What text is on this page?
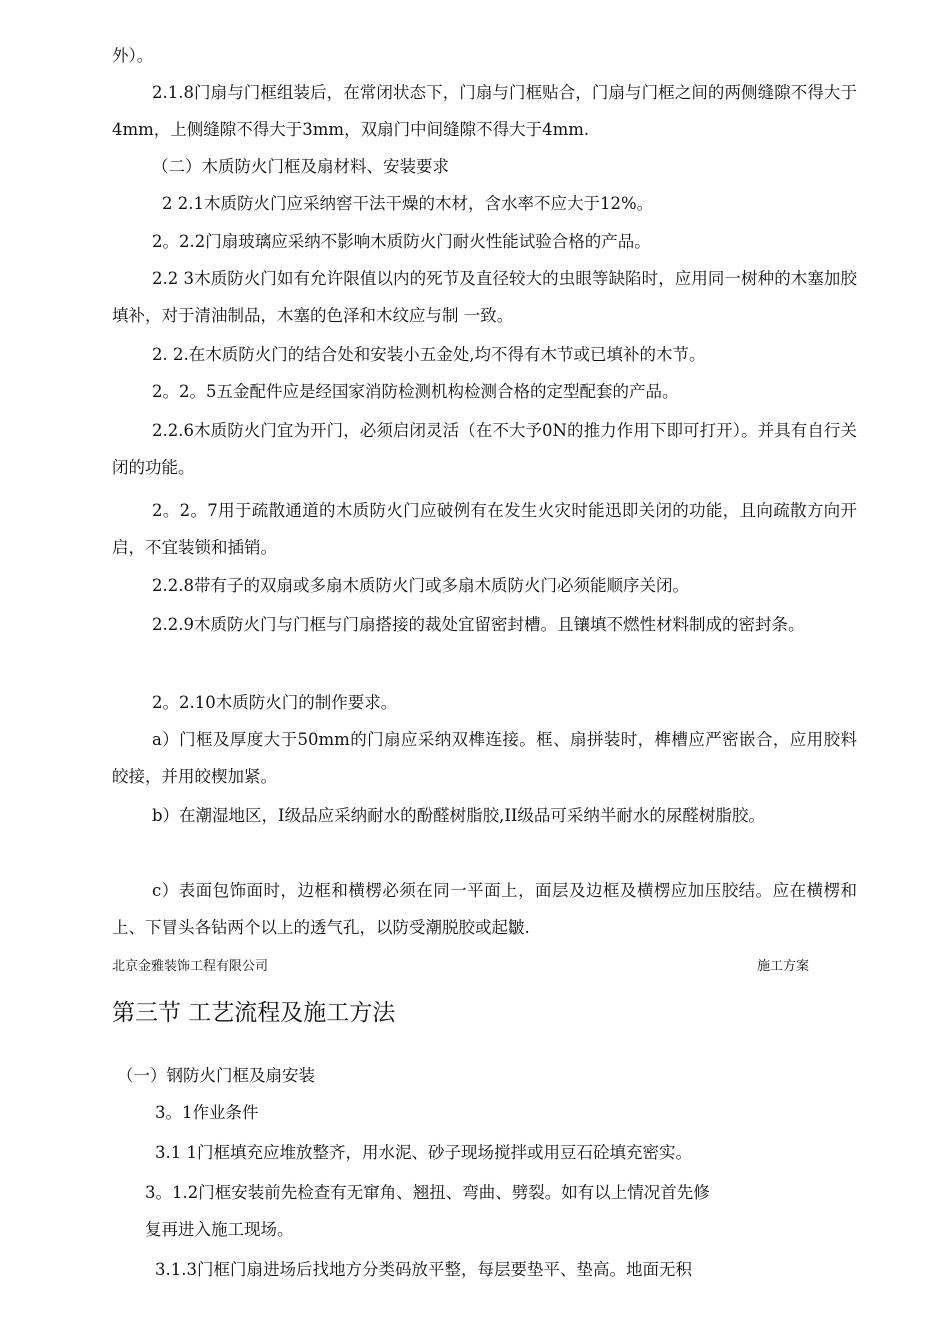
外）。

2.1.8门扇与门框组装后，在常闭状态下，门扇与门框贴合，门扇与门框之间的两侧缝隙不得大于4mm，上侧缝隙不得大于3mm，双扇门中间缝隙不得大于4mm.

（二）木质防火门框及扇材料、安装要求

2 2.1木质防火门应采纳窖干法干燥的木材，含水率不应大于12%。

2。2.2门扇玻璃应采纳不影响木质防火门耐火性能试验合格的产品。

2.2 3木质防火门如有允许限值以内的死节及直径较大的虫眼等缺陷时，应用同一树种的木塞加胶填补，对于清油制品，木塞的色泽和木纹应与制 一致。

2. 2.在木质防火门的结合处和安装小五金处,均不得有木节或已填补的木节。

2。2。5五金配件应是经国家消防检测机构检测合格的定型配套的产品。

2.2.6木质防火门宜为开门，必须启闭灵活（在不大予0N的推力作用下即可打开）。并具有自行关闭的功能。

2。2。7用于疏散通道的木质防火门应破例有在发生火灾时能迅即关闭的功能，且向疏散方向开启，不宜装锁和插销。

2.2.8带有子的双扇或多扇木质防火门或多扇木质防火门必须能顺序关闭。

2.2.9木质防火门与门框与门扇搭接的裁处宜留密封槽。且镶填不燃性材料制成的密封条。

2。2.10木质防火门的制作要求。

a）门框及厚度大于50mm的门扇应采纳双榫连接。框、扇拼装时，榫槽应严密嵌合，应用胶料皎接，并用皎楔加紧。

b）在潮湿地区，I级品应采纳耐水的酚醛树脂胶,II级品可采纳半耐水的尿醛树脂胶。

c）表面包饰面时，边框和横楞必须在同一平面上，面层及边框及横楞应加压胶结。应在横楞和上、下冒头各钻两个以上的透气孔，以防受潮脱胶或起皺.

北京金雅装饰工程有限公司	施工方案
第三节 工艺流程及施工方法

（一）钢防火门框及扇安装

3。1作业条件

3.1 1门框填充应堆放整齐，用水泥、砂子现场搅拌或用豆石砼填充密实。

3。1.2门框安装前先检查有无窜角、翘扭、弯曲、劈裂。如有以上情况首先修

复再进入施工现场。

3.1.3门框门扇进场后找地方分类码放平整，每层要垫平、垫高。地面无积
